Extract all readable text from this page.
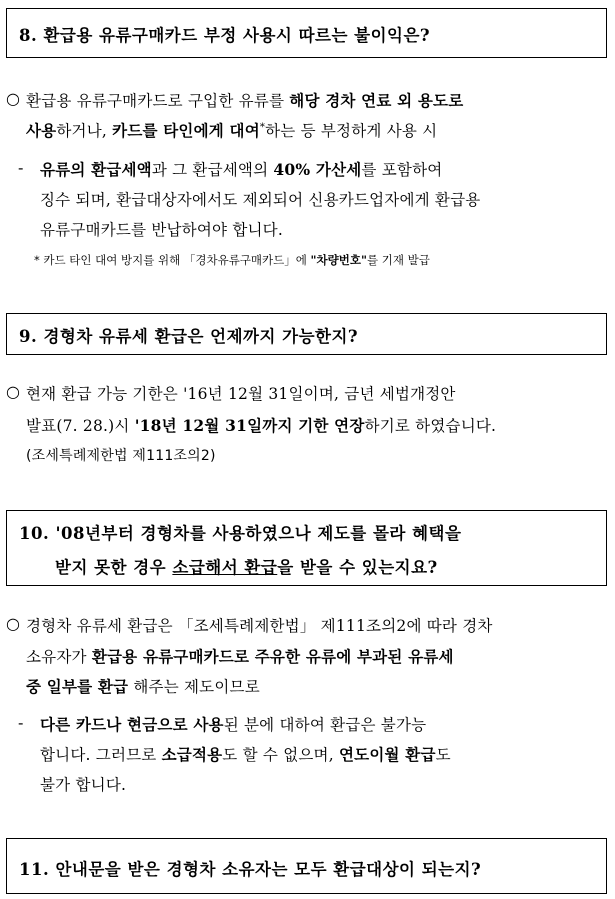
8. 환급용 유류구매카드 부정 사용시 따르는 불이익은?
○ 환급용 유류구매카드로 구입한 유류를 해당 경차 연료 외 용도로
사용하거나, 카드를 타인에게 대여*하는 등 부정하게 사용 시
- 유류의 환급세액과 그 환급세액의 40% 가산세를 포함하여
징수 되며, 환급대상자에서도 제외되어 신용카드업자에게 환급용
유류구매카드를 반납하여야 합니다.
* 카드 타인 대여 방지를 위해 「경차유류구매카드」에 "차량번호"를 기재 발급
9. 경형차 유류세 환급은 언제까지 가능한지?
○ 현재 환급 가능 기한은 '16년 12월 31일이며, 금년 세법개정안
발표(7. 28.)시 '18년 12월 31일까지 기한 연장하기로 하였습니다.
(조세특례제한법 제111조의2)
10. '08년부터 경형차를 사용하였으나 제도를 몰라 혜택을
받지 못한 경우 소급해서 환급을 받을 수 있는지요?
○ 경형차 유류세 환급은 「조세특례제한법」 제111조의2에 따라 경차
소유자가 환급용 유류구매카드로 주유한 유류에 부과된 유류세
중 일부를 환급 해주는 제도이므로
- 다른 카드나 현금으로 사용된 분에 대하여 환급은 불가능
합니다. 그러므로 소급적용도 할 수 없으며, 연도이월 환급도
불가 합니다.
11. 안내문을 받은 경형차 소유자는 모두 환급대상이 되는지?
